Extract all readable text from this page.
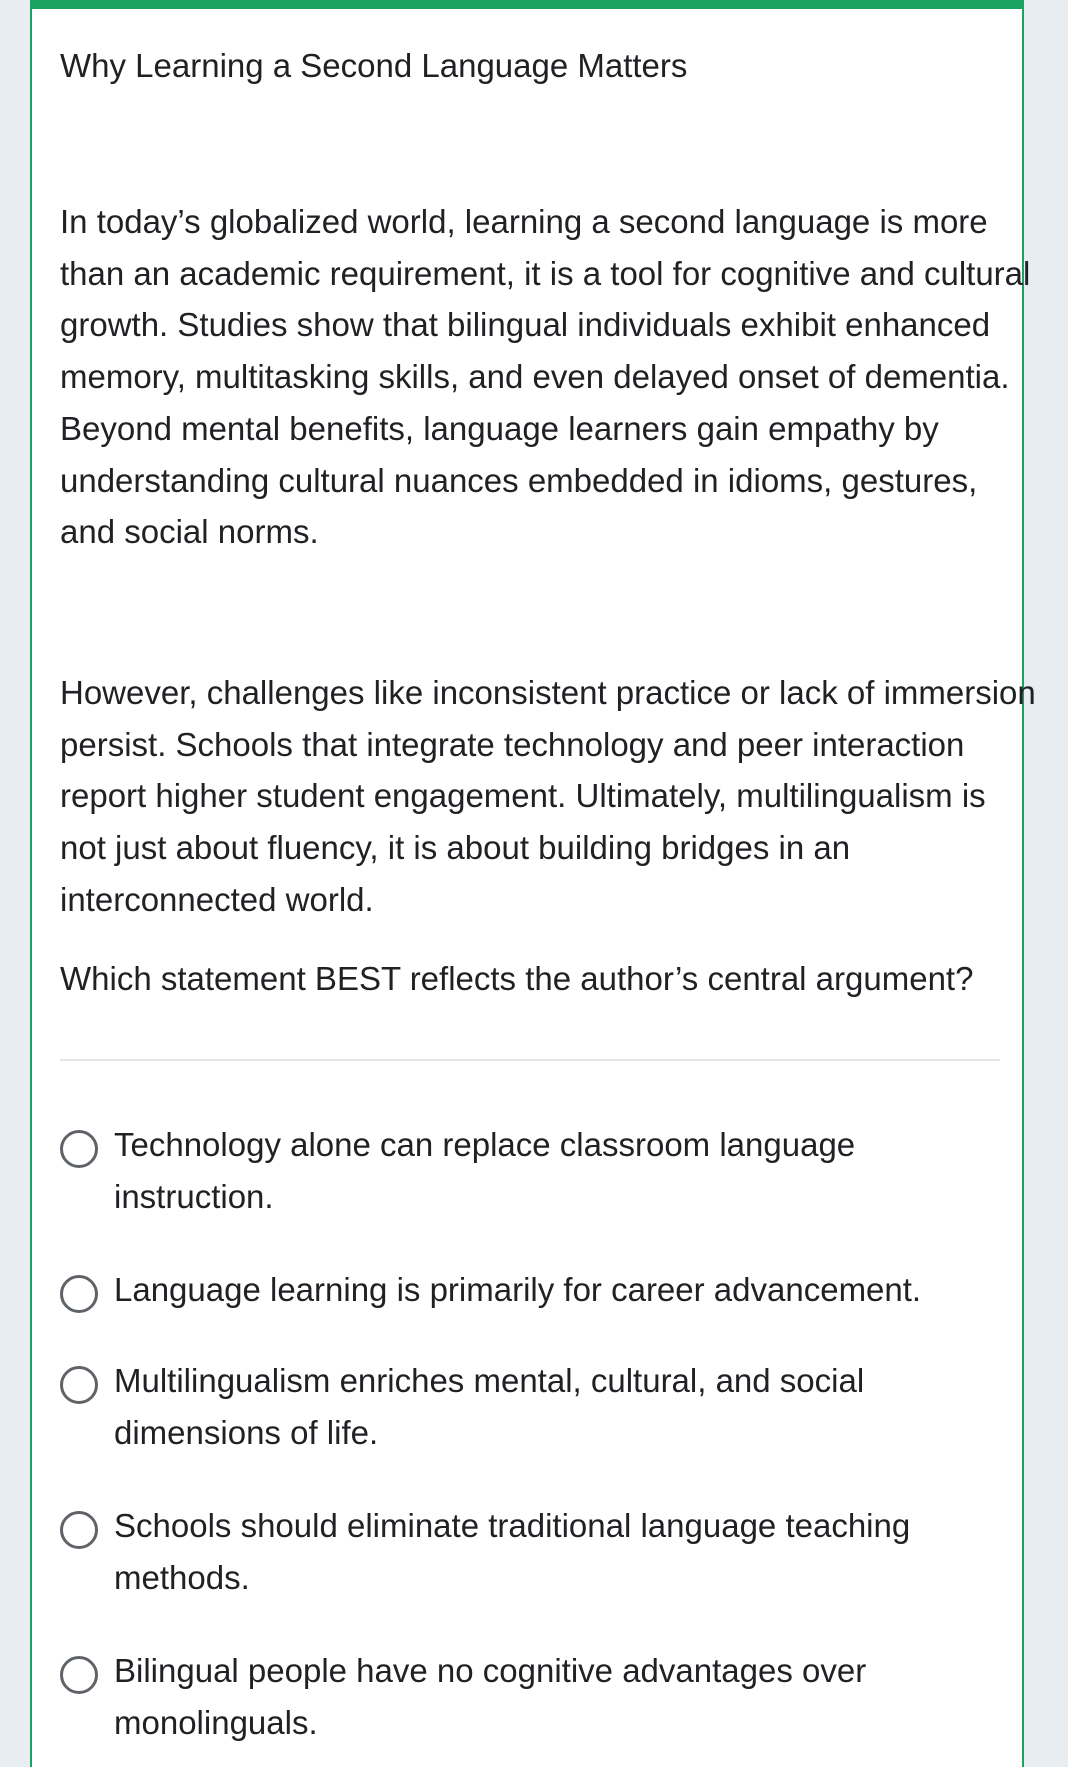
Why Learning a Second Language Matters

In today’s globalized world, learning a second language is more than an academic requirement, it is a tool for cognitive and cultural growth. Studies show that bilingual individuals exhibit enhanced memory, multitasking skills, and even delayed onset of dementia. Beyond mental benefits, language learners gain empathy by understanding cultural nuances embedded in idioms, gestures, and social norms.

However, challenges like inconsistent practice or lack of immersion persist. Schools that integrate technology and peer interaction report higher student engagement. Ultimately, multilingualism is not just about fluency, it is about building bridges in an interconnected world.

Which statement BEST reflects the author’s central argument?

Technology alone can replace classroom language instruction.
Language learning is primarily for career advancement.
Multilingualism enriches mental, cultural, and social dimensions of life.
Schools should eliminate traditional language teaching methods.
Bilingual people have no cognitive advantages over monolinguals.
